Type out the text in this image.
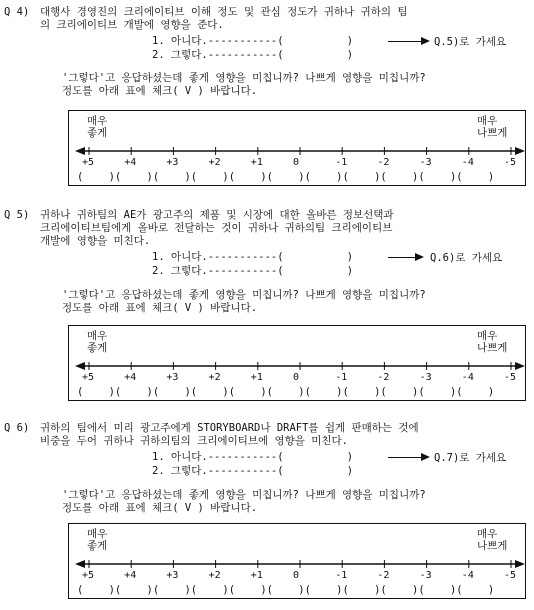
Q 4) 대행사 경영진의 크리에이티브 이해 정도 및 관심 정도가 귀하나 귀하의 팀
의 크리에이티브 개발에 영향을 준다.
1. 아니다.-----------(          )
2. 그렇다.-----------(          )
Q.5)로 가세요
'그렇다'고 응답하셨는데 좋게 영향을 미칩니까? 나쁘게 영향을 미칩니까?
정도를 아래 표에 체크( V ) 바랍니다.
매우
좋게
매우
나쁘게
+5	+4	+3	+2	+1	0	-1	-2	-3	-4	-5
(    )(    )(    )(    )(    )(    )(    )(    )(    )(    )(    )
Q 5) 귀하나 귀하팀의 AE가 광고주의 제품 및 시장에 대한 올바른 정보선택과
크리에이티브팀에게 올바로 전달하는 것이 귀하나 귀하의팀 크리에이티브
개발에 영향을 미친다.
1. 아니다.-----------(          )
2. 그렇다.-----------(          )
Q.6)로 가세요
'그렇다'고 응답하셨는데 좋게 영향을 미칩니까? 나쁘게 영향을 미칩니까?
정도를 아래 표에 체크( V ) 바랍니다.
매우
좋게
매우
나쁘게
+5	+4	+3	+2	+1	0	-1	-2	-3	-4	-5
(    )(    )(    )(    )(    )(    )(    )(    )(    )(    )(    )
Q 6) 귀하의 팀에서 미리 광고주에게 STORYBOARD나 DRAFT를 쉽게 판매하는 것에
비중을 두어 귀하나 귀하의팀의 크리에이티브에 영향을 미친다.
1. 아니다.-----------(          )
2. 그렇다.-----------(          )
Q.7)로 가세요
'그렇다'고 응답하셨는데 좋게 영향을 미칩니까? 나쁘게 영향을 미칩니까?
정도를 아래 표에 체크( V ) 바랍니다.
매우
좋게
매우
나쁘게
+5	+4	+3	+2	+1	0	-1	-2	-3	-4	-5
(    )(    )(    )(    )(    )(    )(    )(    )(    )(    )(    )
